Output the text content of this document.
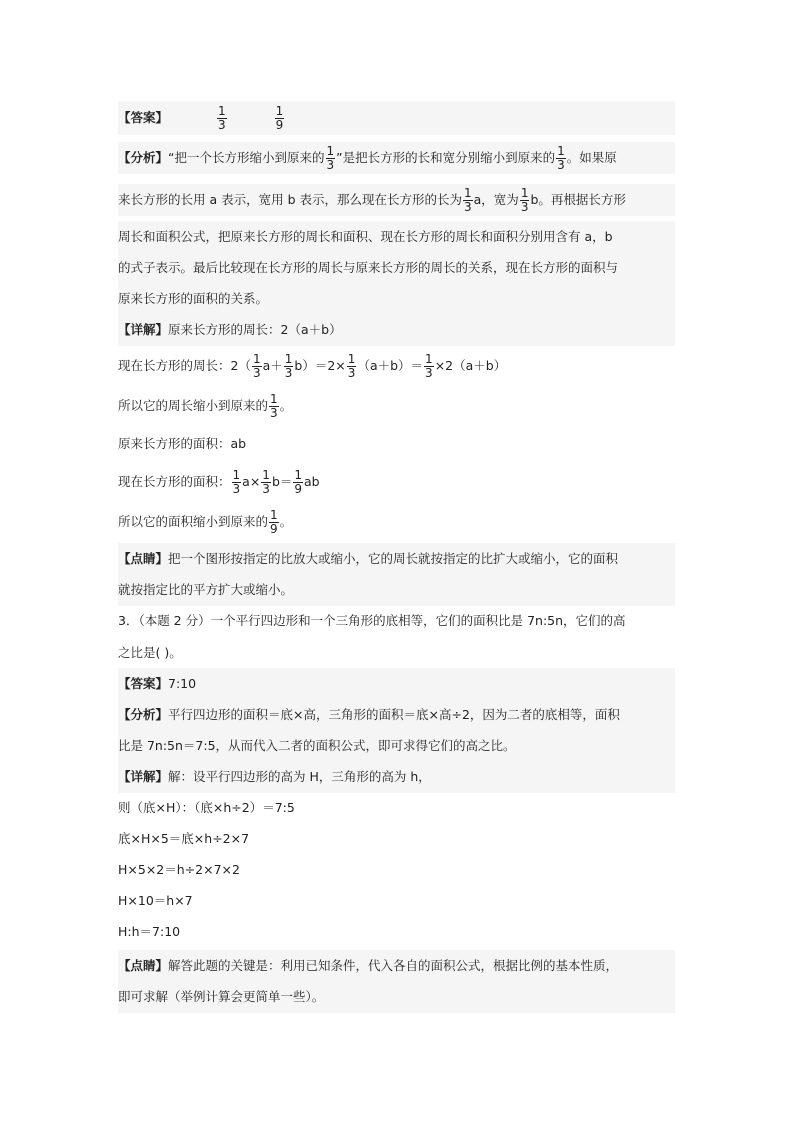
【答案】	$\frac{1}{3}$
	$\frac{1}{9}$
【分析】“把一个长方形缩小到原来的 $\frac{1}{3}$ ”是把长方形的长和宽分别缩小到原来的 $\frac{1}{3}$ 。如果原
来长方形的长用 a 表示，宽用 b 表示，那么现在长方形的长为 $\frac{1}{3}$ a，宽为 $\frac{1}{3}$ b。再根据长方形
周长和面积公式，把原来长方形的周长和面积、现在长方形的周长和面积分别用含有 a，b
的式子表示。最后比较现在长方形的周长与原来长方形的周长的关系，现在长方形的面积与
原来长方形的面积的关系。
【详解】原来长方形的周长：2（a＋b）
现在长方形的周长：$2( \frac{1}{3} a+ \frac{1}{3} b)=2\times \frac{1}{3} (a+b)= \frac{1}{3} \times 2(a+b)$
所以它的周长缩小到原来的 $\frac{1}{3}$ 。
原来长方形的面积：ab
现在长方形的面积： $\frac{1}{3} a\times \frac{1}{3} b= \frac{1}{9}$ ab
所以它的面积缩小到原来的 $\frac{1}{9}$ 。
【点睛】把一个图形按指定的比放大或缩小，它的周长就按指定的比扩大或缩小，它的面积
就按指定比的平方扩大或缩小。
3．（本题 2 分）一个平行四边形和一个三角形的底相等，它们的面积比是 7n:5n，它们的高
之比是( )。
【答案】7:10
【分析】平行四边形的面积＝底×高，三角形的面积＝底×高÷2，因为二者的底相等，面积
比是 7n:5n＝7:5，从而代入二者的面积公式，即可求得它们的高之比。
【详解】解：设平行四边形的高为 H，三角形的高为 h，
则（底×H）：（底×h÷2）＝7:5
底×H×5＝底×h÷2×7
H×5×2＝h÷2×7×2
H×10＝h×7
H:h＝7:10
【点睛】解答此题的关键是：利用已知条件，代入各自的面积公式，根据比例的基本性质，
即可求解（举例计算会更简单一些）。
